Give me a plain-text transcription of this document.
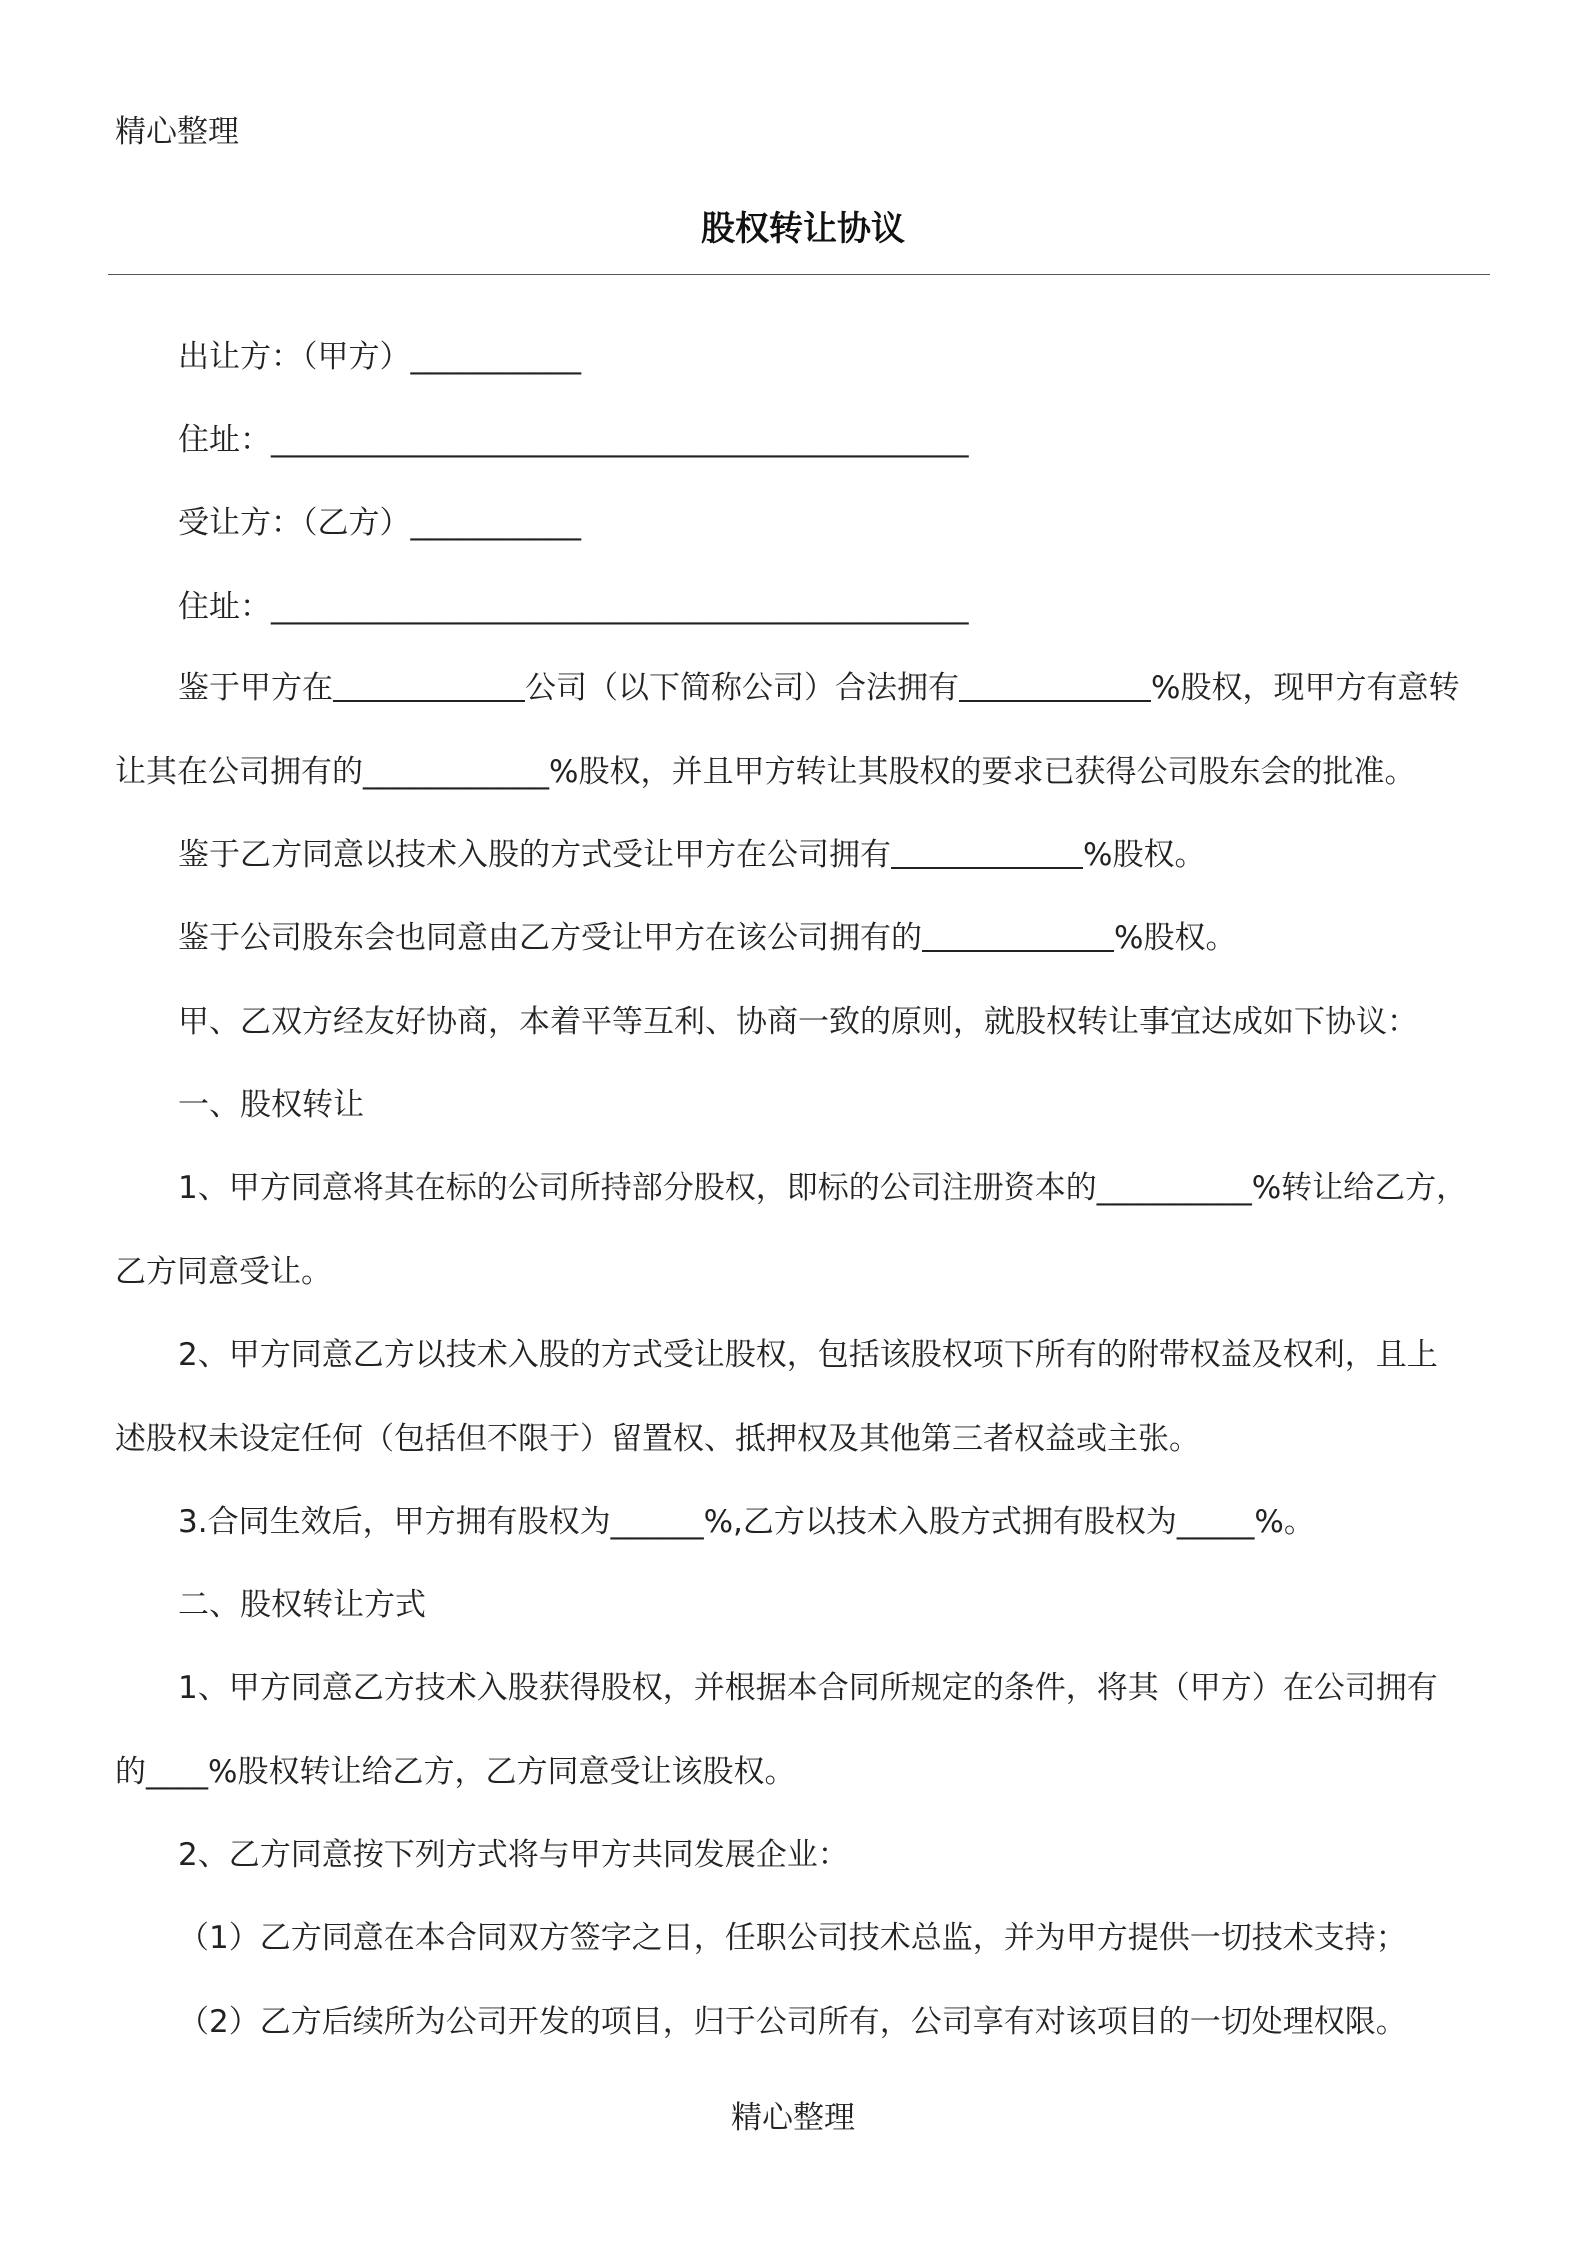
精心整理
股权转让协议
出让方：（甲方）___________
住址：_____________________________________________
受让方：（乙方）___________
住址：_____________________________________________
鉴于甲方在	公司（以下简称公司）合法拥有	%股权，现甲方有意转
让其在公司拥有的____________%股权，并且甲方转让其股权的要求已获得公司股东会的批准。
鉴于乙方同意以技术入股的方式受让甲方在公司拥有	%股权。
鉴于公司股东会也同意由乙方受让甲方在该公司拥有的	%股权。
甲、乙双方经友好协商，本着平等互利、协商一致的原则，就股权转让事宜达成如下协议：
一、股权转让
1、甲方同意将其在标的公司所持部分股权，即标的公司注册资本的__________%转让给乙方，
乙方同意受让。
2、甲方同意乙方以技术入股的方式受让股权，包括该股权项下所有的附带权益及权利，且上
述股权未设定任何（包括但不限于）留置权、抵押权及其他第三者权益或主张。
3.合同生效后，甲方拥有股权为______%,乙方以技术入股方式拥有股权为_____%。
二、股权转让方式
1、甲方同意乙方技术入股获得股权，并根据本合同所规定的条件，将其（甲方）在公司拥有
的____%股权转让给乙方，乙方同意受让该股权。
2、乙方同意按下列方式将与甲方共同发展企业：
（1）乙方同意在本合同双方签字之日，任职公司技术总监，并为甲方提供一切技术支持；
（2）乙方后续所为公司开发的项目，归于公司所有，公司享有对该项目的一切处理权限。
精心整理
